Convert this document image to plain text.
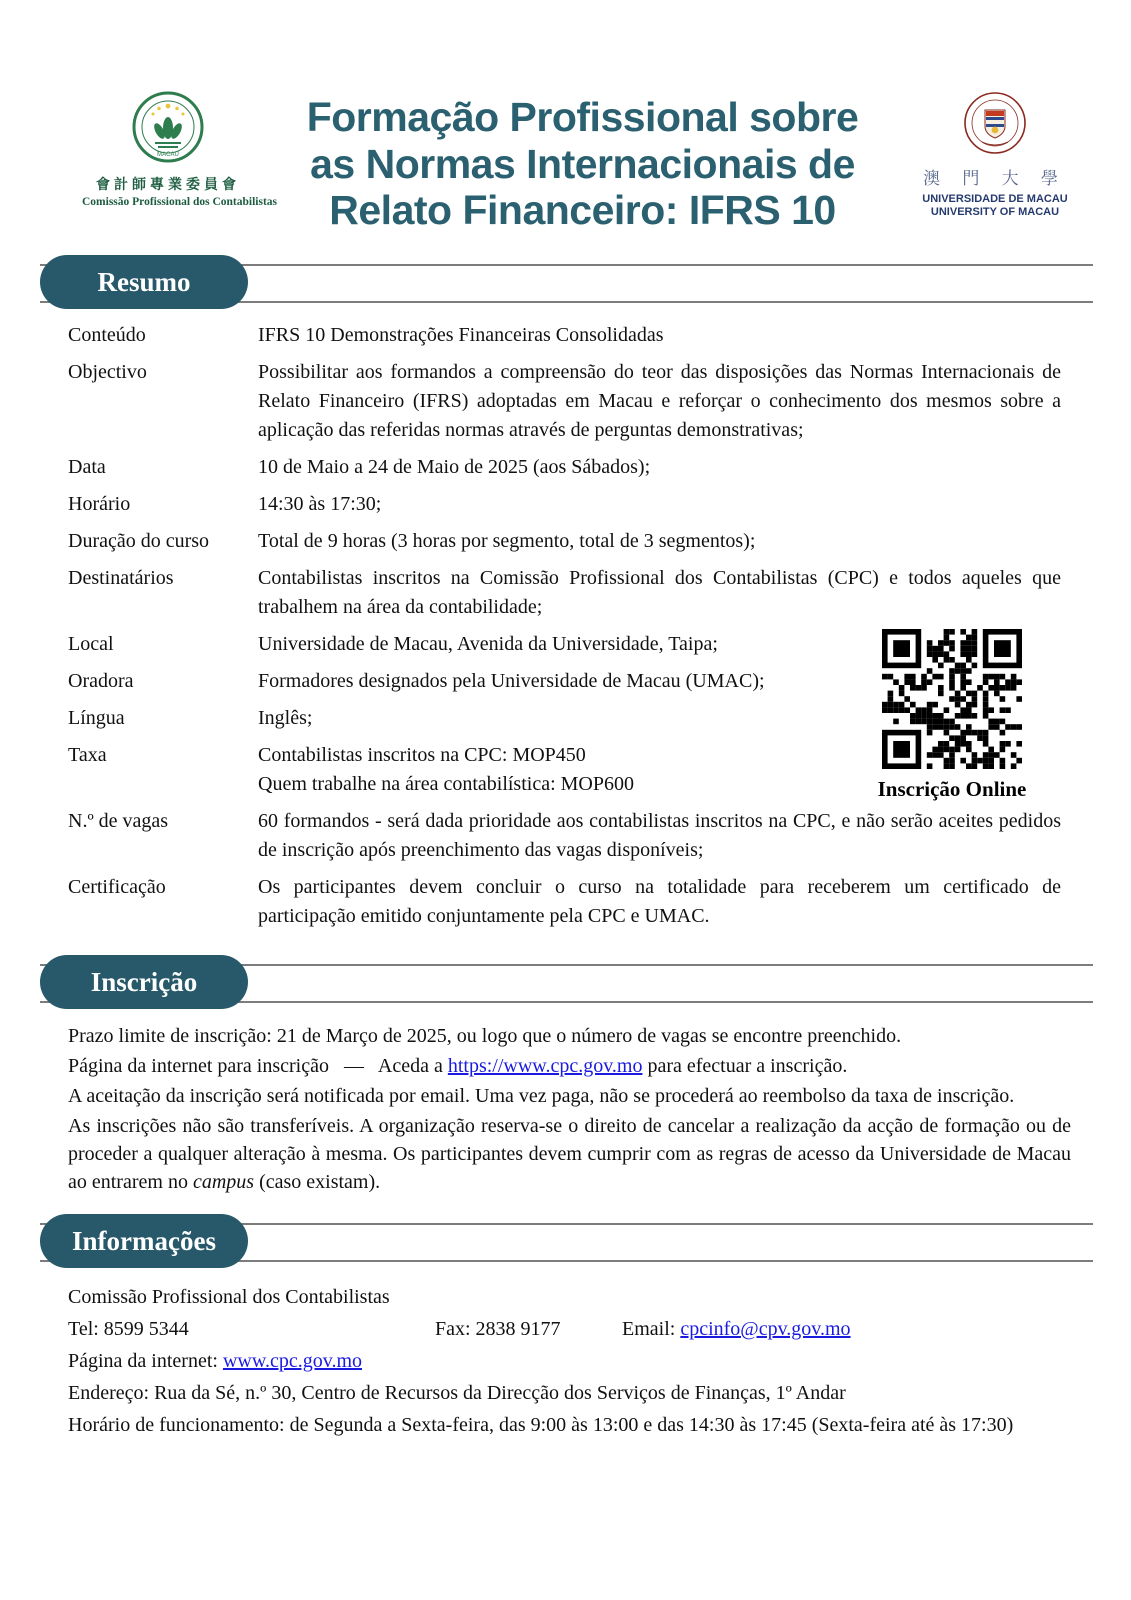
MACAU
會計師專業委員會
Comissão Profissional dos Contabilistas
Formação Profissional sobre
as Normas Internacionais de
Relato Financeiro: IFRS 10
澳 門 大 學
UNIVERSIDADE DE MACAU
UNIVERSITY OF MACAU
Resumo
Conteúdo	IFRS 10 Demonstrações Financeiras Consolidadas
Objectivo	Possibilitar aos formandos a compreensão do teor das disposições das Normas Internacionais de Relato Financeiro (IFRS) adoptadas em Macau e reforçar o conhecimento dos mesmos sobre a aplicação das referidas normas através de perguntas demonstrativas;
Data	10 de Maio a 24 de Maio de 2025 (aos Sábados);
Horário	14:30 às 17:30;
Duração do curso	Total de 9 horas (3 horas por segmento, total de 3 segmentos);
Destinatários	Contabilistas inscritos na Comissão Profissional dos Contabilistas (CPC) e todos aqueles que trabalhem na área da contabilidade;
Local	Universidade de Macau, Avenida da Universidade, Taipa;
Oradora	Formadores designados pela Universidade de Macau (UMAC);
Língua	Inglês;
Taxa	Contabilistas inscritos na CPC: MOP450
Quem trabalhe na área contabilística: MOP600
N.º de vagas	60 formandos - será dada prioridade aos contabilistas inscritos na CPC, e não serão aceites pedidos de inscrição após preenchimento das vagas disponíveis;
Certificação	Os participantes devem concluir o curso na totalidade para receberem um certificado de participação emitido conjuntamente pela CPC e UMAC.
Inscrição Online
Inscrição
Prazo limite de inscrição: 21 de Março de 2025, ou logo que o número de vagas se encontre preenchido.
Página da internet para inscrição  —  Aceda a https://www.cpc.gov.mo para efectuar a inscrição.
A aceitação da inscrição será notificada por email. Uma vez paga, não se procederá ao reembolso da taxa de inscrição.
As inscrições não são transferíveis. A organização reserva-se o direito de cancelar a realização da acção de formação ou de proceder a qualquer alteração à mesma. Os participantes devem cumprir com as regras de acesso da Universidade de Macau ao entrarem no campus (caso existam).
Informações
Comissão Profissional dos Contabilistas
Tel: 8599 5344	Fax: 2838 9177	Email: cpcinfo@cpv.gov.mo
Página da internet: www.cpc.gov.mo
Endereço: Rua da Sé, n.º 30, Centro de Recursos da Direcção dos Serviços de Finanças, 1º Andar
Horário de funcionamento: de Segunda a Sexta-feira, das 9:00 às 13:00 e das 14:30 às 17:45 (Sexta-feira até às 17:30)
